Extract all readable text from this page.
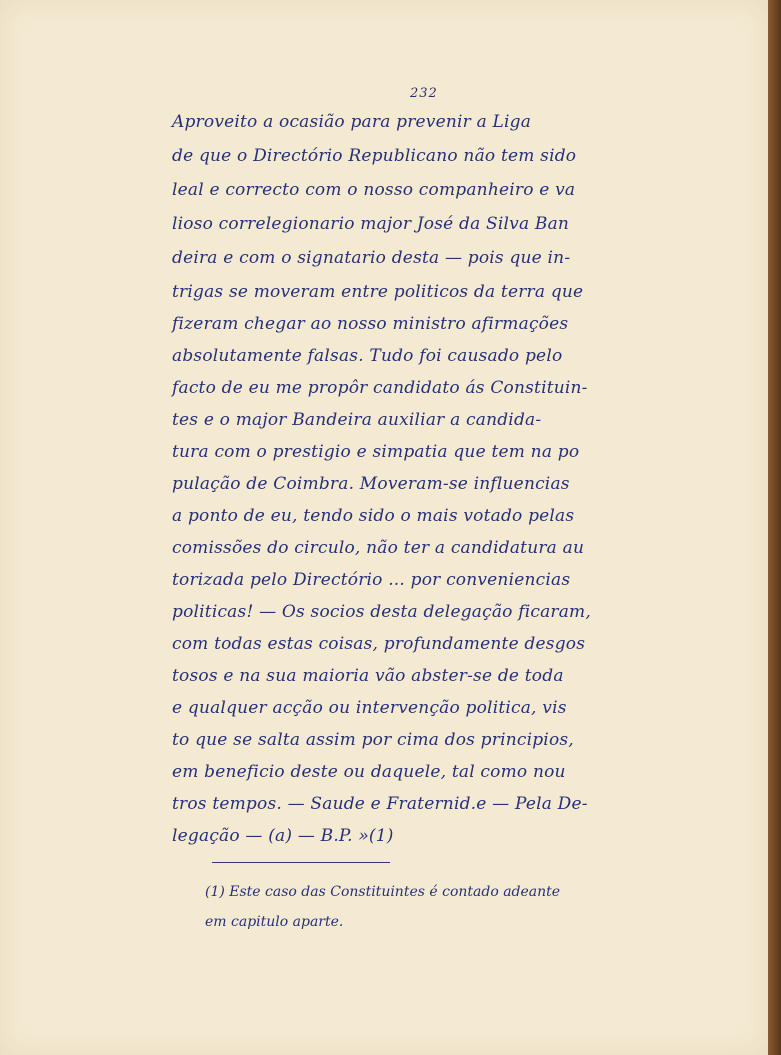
232
Aproveito a ocasião para prevenir a Liga
de que o Directório Republicano não tem sido
leal e correcto com o nosso companheiro e va
lioso correlegionario major José da Silva Ban
deira e com o signatario desta — pois que in-
trigas se moveram entre politicos da terra que
fizeram chegar ao nosso ministro afirmações
absolutamente falsas. Tudo foi causado pelo
facto de eu me propôr candidato ás Constituin-
tes e o major Bandeira auxiliar a candida-
tura com o prestigio e simpatia que tem na po
pulação de Coimbra. Moveram-se influencias
a ponto de eu, tendo sido o mais votado pelas
comissões do circulo, não ter a candidatura au
torizada pelo Directório ... por conveniencias
politicas! — Os socios desta delegação ficaram,
com todas estas coisas, profundamente desgos
tosos e na sua maioria vão abster-se de toda
e qualquer acção ou intervenção politica, vis
to que se salta assim por cima dos principios,
em beneficio deste ou daquele, tal como nou
tros tempos. — Saude e Fraternid.e — Pela De-
legação — (a) — B.P. »(1)
(1) Este caso das Constituintes é contado adeante
em capitulo aparte.
